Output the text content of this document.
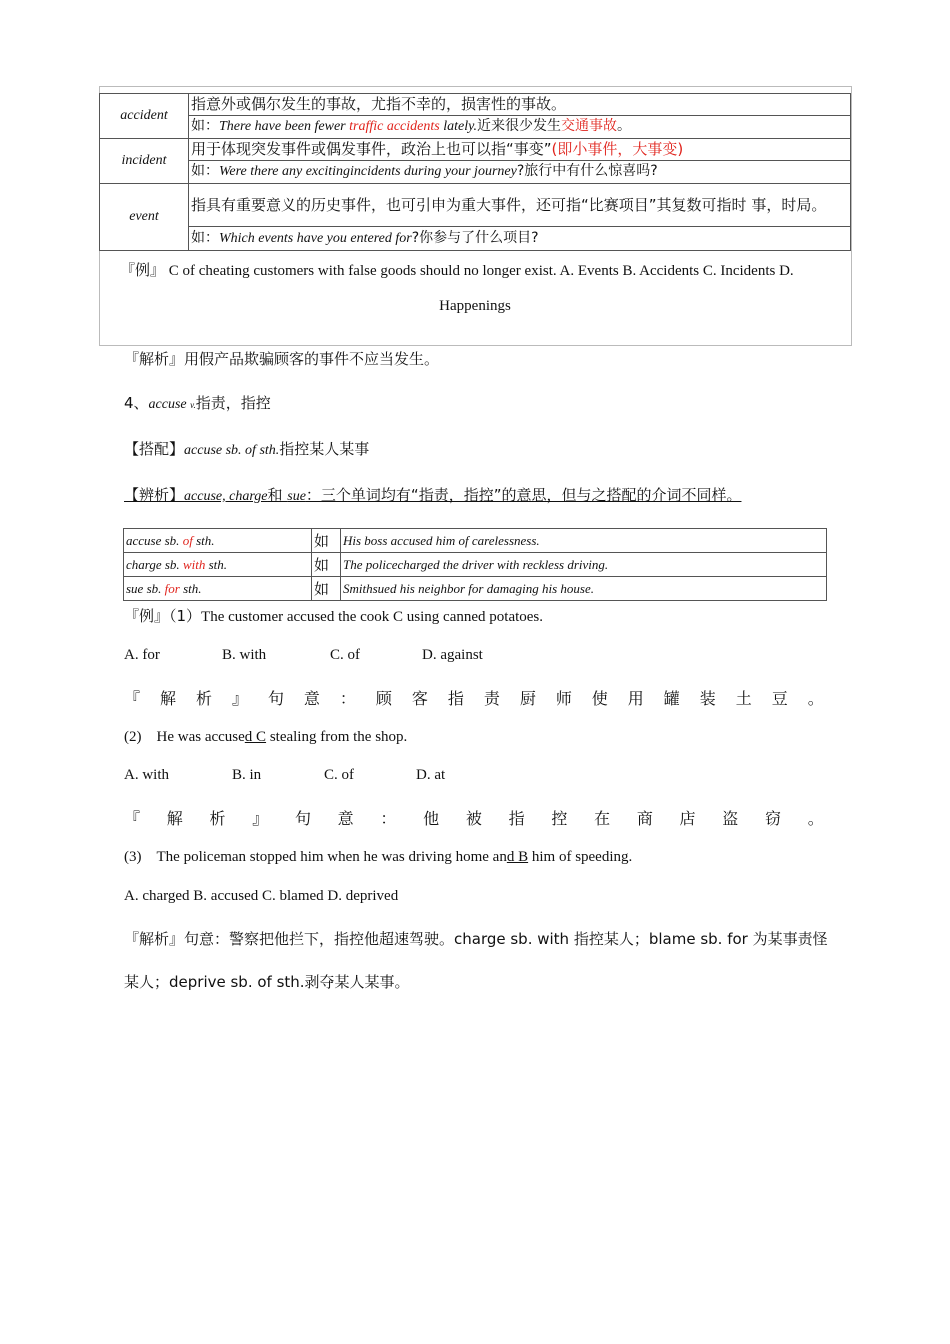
accident	指意外或偶尔发生的事故，尤指不幸的，损害性的事故。
	如：There have been fewer traffic accidents lately.近来很少发生交通事故。
incident	用于体现突发事件或偶发事件，政治上也可以指“事变”(即小事件，大事变)
	如：Were there any excitingincidents during your journey?旅行中有什么惊喜吗?
event	指具有重要意义的历史事件，也可引申为重大事件，还可指“比赛项目”其复数可指时 事，时局。
	如：Which events have you entered for?你参与了什么项目?
『例』 C of cheating customers with false goods should no longer exist. A. Events B. Accidents C. Incidents D.
Happenings
『解析』用假产品欺骗顾客的事件不应当发生。
4、accuse v.指责，指控
【搭配】accuse sb. of sth.指控某人某事
【辨析】accuse, charge和 sue：三个单词均有“指责，指控”的意思，但与之搭配的介词不同样。
accuse sb. of sth.	如	His boss accused him of carelessness.
charge sb. with sth.	如	The policecharged the driver with reckless driving.
sue sb. for sth.	如	Smithsued his neighbor for damaging his house.
『例』（1）The customer accused the cook C using canned potatoes.
A. for	B. with	C. of	D. against
『 解 析 』 句 意 ： 顾 客 指 责 厨 师 使 用 罐 装 土 豆 。
(2) He was accused C stealing from the shop.
A. with	B. in	C. of	D. at
『 解 析 』 句 意 ： 他 被 指 控 在 商 店 盗 窃 。
(3) The policeman stopped him when he was driving home and B him of speeding.
A. charged B. accused C. blamed D. deprived
『解析』句意：警察把他拦下，指控他超速驾驶。charge sb. with 指控某人；blame sb. for 为某事责怪
某人；deprive sb. of sth.剥夺某人某事。
